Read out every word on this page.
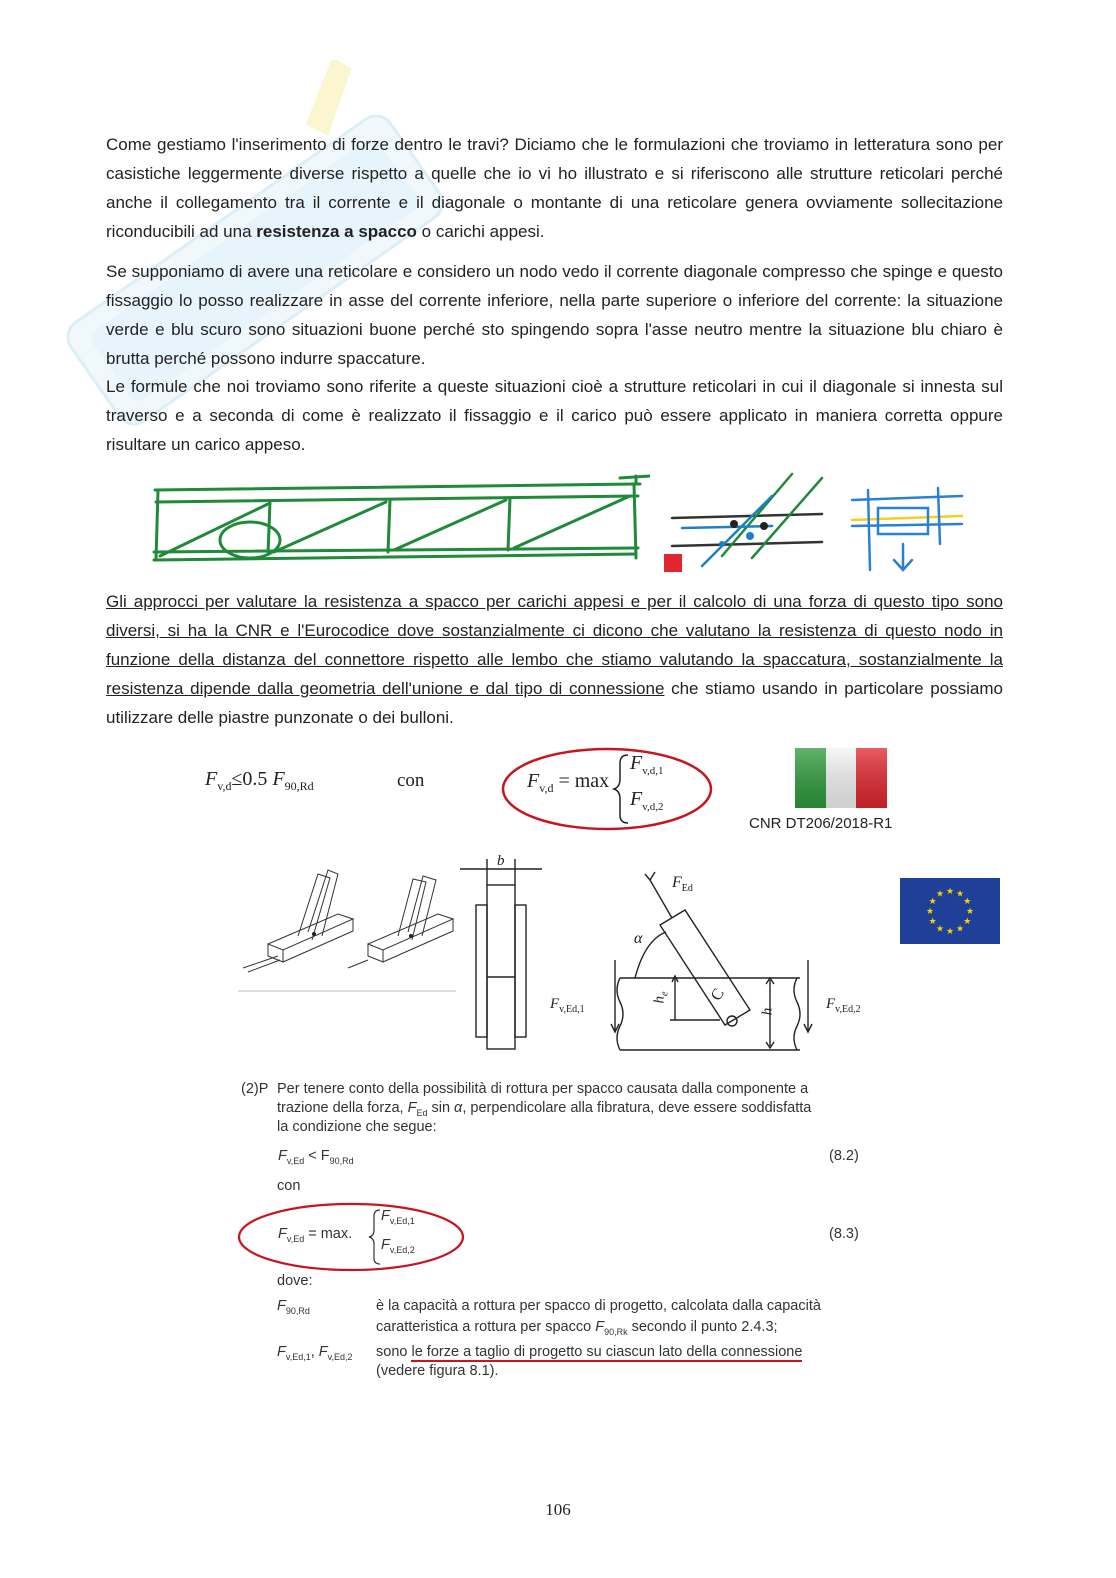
Come gestiamo l'inserimento di forze dentro le travi? Diciamo che le formulazioni che troviamo in letteratura sono per casistiche leggermente diverse rispetto a quelle che io vi ho illustrato e si riferiscono alle strutture reticolari perché anche il collegamento tra il corrente e il diagonale o montante di una reticolare genera ovviamente sollecitazione riconducibili ad una resistenza a spacco o carichi appesi.
Se supponiamo di avere una reticolare e considero un nodo vedo il corrente diagonale compresso che spinge e questo fissaggio lo posso realizzare in asse del corrente inferiore, nella parte superiore o inferiore del corrente: la situazione verde e blu scuro sono situazioni buone perché sto spingendo sopra l'asse neutro mentre la situazione blu chiaro è brutta perché possono indurre spaccature.
Le formule che noi troviamo sono riferite a queste situazioni cioè a strutture reticolari in cui il diagonale si innesta sul traverso e a seconda di come è realizzato il fissaggio e il carico può essere applicato in maniera corretta oppure risultare un carico appeso.
Gli approcci per valutare la resistenza a spacco per carichi appesi e per il calcolo di una forza di questo tipo sono diversi, si ha la CNR e l'Eurocodice dove sostanzialmente ci dicono che valutano la resistenza di questo nodo in funzione della distanza del connettore rispetto alle lembo che stiamo valutando la spaccatura, sostanzialmente la resistenza dipende dalla geometria dell'unione e dal tipo di connessione che stiamo usando in particolare possiamo utilizzare delle piastre punzonate o dei bulloni.
$F_{v,d}\le 0.5$ $F_{90,Rd}$	con	$F_{v,d} = \max$
$F_{v,d,1}$
$F_{v,d,2}$
CNR DT206/2018-R1
★
★
★
★
★
★
★
★
★ ★ ★
★
b
$F_{Ed}$
α
$h_e$ C
h
$F_{v,Ed,1}$	$F_{v,Ed,2}$
(2)P Per tenere conto della possibilità di rottura per spacco causata dalla componente a
trazione della forza, $F_{Ed}$ sin α, perpendicolare alla fibratura, deve essere soddisfatta
la condizione che segue:
$F_{v,Ed} < F_{90,Rd}$	(8.2)
con
$F_{v,Ed} = \max$.
$F_{v,Ed,1}$
$F_{v,Ed,2}$
(8.3)
dove:
$F_{90,Rd}$	è la capacità a rottura per spacco di progetto, calcolata dalla capacità
caratteristica a rottura per spacco $F_{90,Rk}$ secondo il punto 2.4.3;
$F_{v,Ed,1}$, $F_{v,Ed,2}$ sono le forze a taglio di progetto su ciascun lato della connessione
(vedere figura 8.1).
106
